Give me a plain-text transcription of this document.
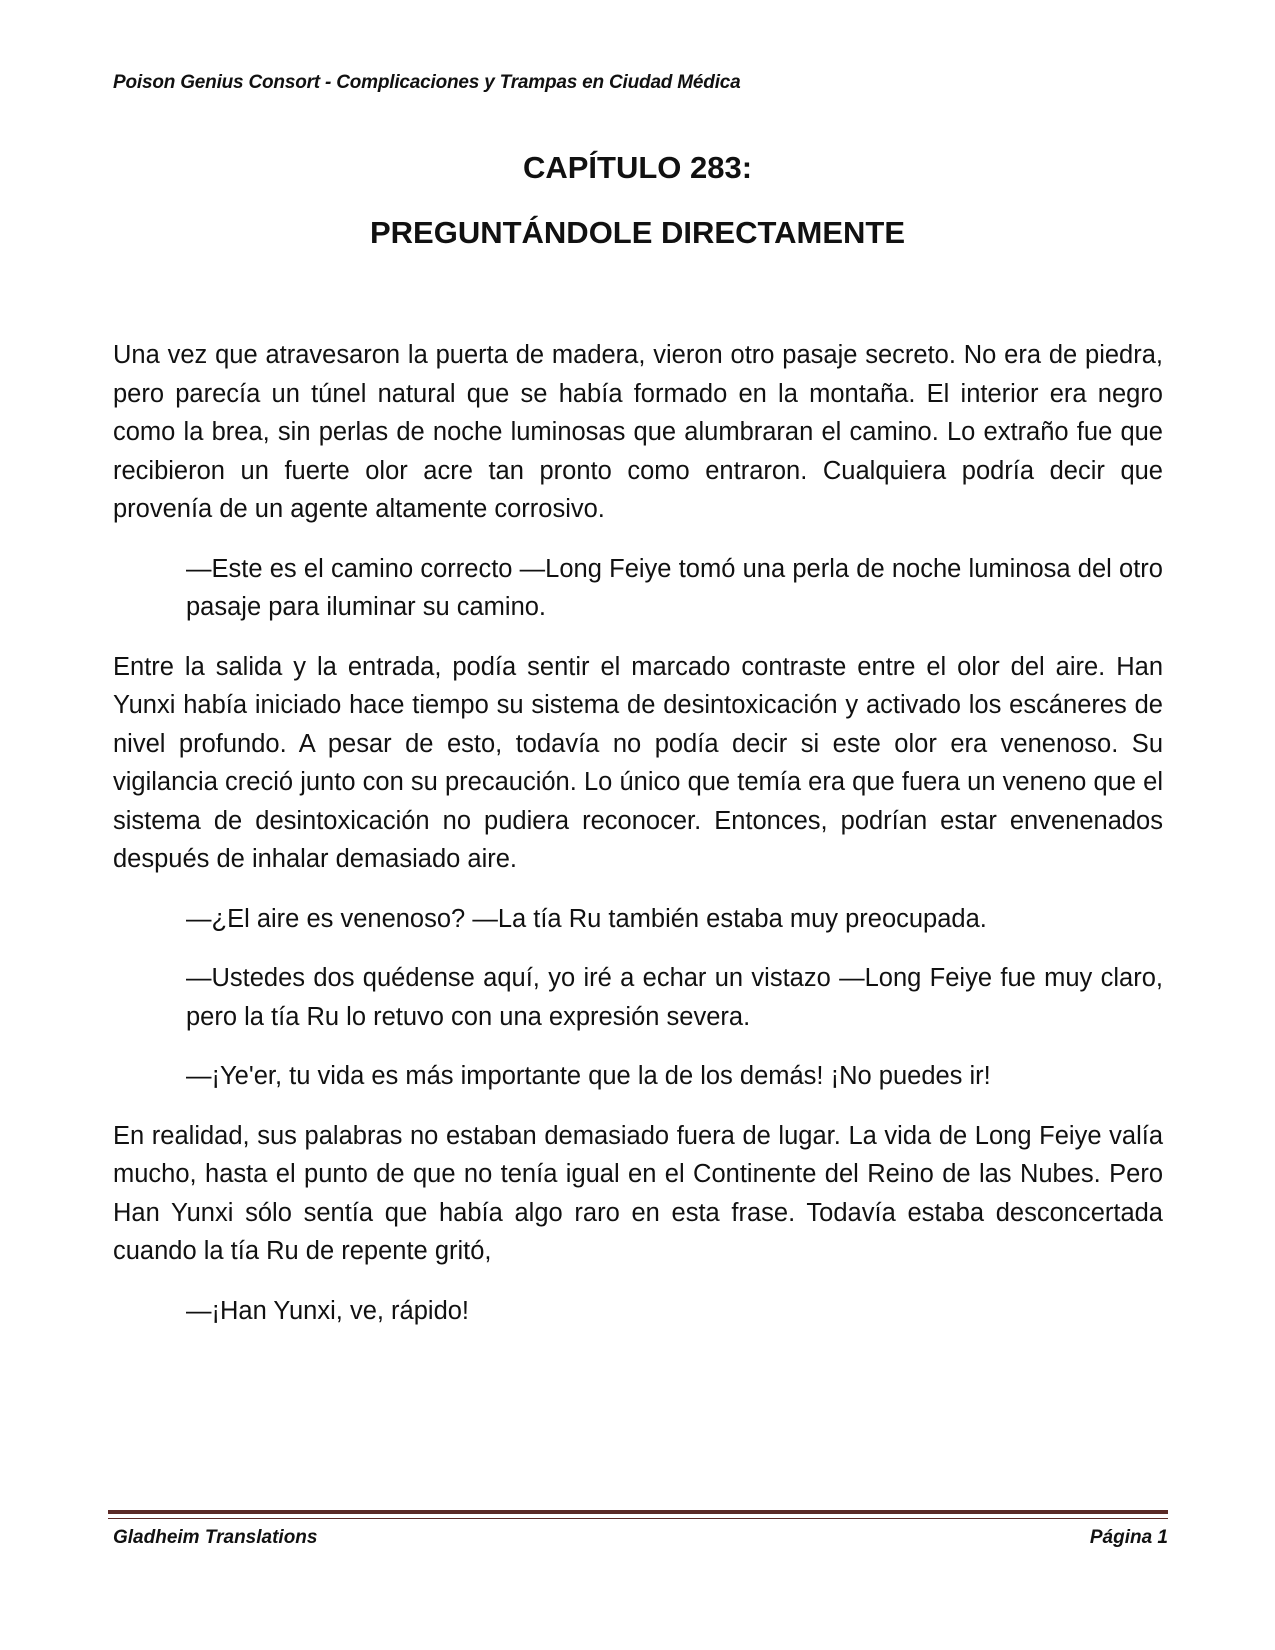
Poison Genius Consort - Complicaciones y Trampas en Ciudad Médica
CAPÍTULO 283:
PREGUNTÁNDOLE DIRECTAMENTE

Una vez que atravesaron la puerta de madera, vieron otro pasaje secreto. No era de piedra, pero parecía un túnel natural que se había formado en la montaña. El interior era negro como la brea, sin perlas de noche luminosas que alumbraran el camino. Lo extraño fue que recibieron un fuerte olor acre tan pronto como entraron. Cualquiera podría decir que provenía de un agente altamente corrosivo.

—Este es el camino correcto —Long Feiye tomó una perla de noche luminosa del otro pasaje para iluminar su camino.

Entre la salida y la entrada, podía sentir el marcado contraste entre el olor del aire. Han Yunxi había iniciado hace tiempo su sistema de desintoxicación y activado los escáneres de nivel profundo. A pesar de esto, todavía no podía decir si este olor era venenoso. Su vigilancia creció junto con su precaución. Lo único que temía era que fuera un veneno que el sistema de desintoxicación no pudiera reconocer. Entonces, podrían estar envenenados después de inhalar demasiado aire.

—¿El aire es venenoso? —La tía Ru también estaba muy preocupada.

—Ustedes dos quédense aquí, yo iré a echar un vistazo —Long Feiye fue muy claro, pero la tía Ru lo retuvo con una expresión severa.

—¡Ye'er, tu vida es más importante que la de los demás! ¡No puedes ir!

En realidad, sus palabras no estaban demasiado fuera de lugar. La vida de Long Feiye valía mucho, hasta el punto de que no tenía igual en el Continente del Reino de las Nubes. Pero Han Yunxi sólo sentía que había algo raro en esta frase. Todavía estaba desconcertada cuando la tía Ru de repente gritó,

—¡Han Yunxi, ve, rápido!

Gladheim Translations	Página 1
